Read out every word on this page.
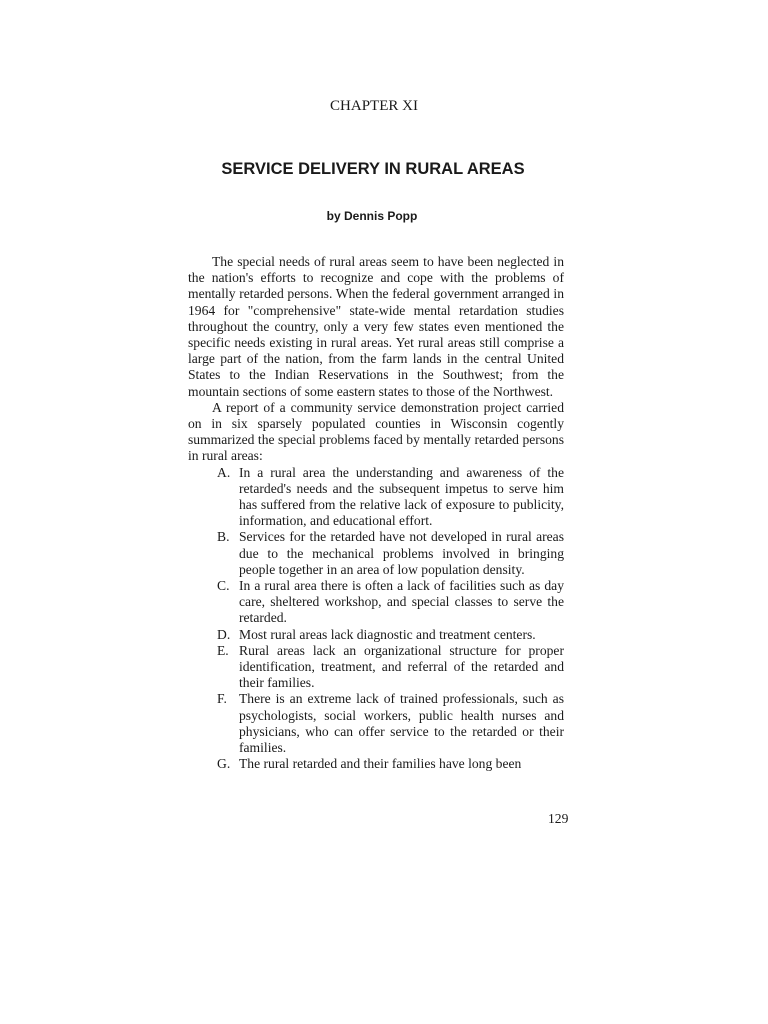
CHAPTER XI
SERVICE DELIVERY IN RURAL AREAS
by Dennis Popp

The special needs of rural areas seem to have been neglected in the nation's efforts to recognize and cope with the problems of mentally retarded persons. When the federal government arranged in 1964 for "comprehensive" state-wide mental retardation studies throughout the country, only a very few states even mentioned the specific needs existing in rural areas. Yet rural areas still comprise a large part of the nation, from the farm lands in the central United States to the Indian Reservations in the Southwest; from the mountain sections of some eastern states to those of the Northwest.

A report of a community service demonstration project carried on in six sparsely populated counties in Wisconsin cogently summarized the special problems faced by mentally retarded persons in rural areas:

A. In a rural area the understanding and awareness of the retarded's needs and the subsequent impetus to serve him has suffered from the relative lack of exposure to publicity, information, and educational effort.
B. Services for the retarded have not developed in rural areas due to the mechanical problems involved in bringing people together in an area of low population density.
C. In a rural area there is often a lack of facilities such as day care, sheltered workshop, and special classes to serve the retarded.
D. Most rural areas lack diagnostic and treatment centers.
E. Rural areas lack an organizational structure for proper identification, treatment, and referral of the retarded and their families.
F. There is an extreme lack of trained professionals, such as psychologists, social workers, public health nurses and physicians, who can offer service to the retarded or their families.
G. The rural retarded and their families have long been
129
